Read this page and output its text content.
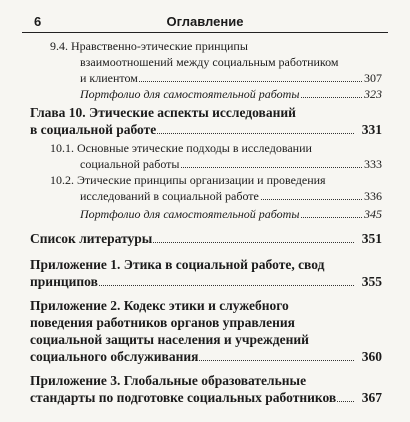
6	Оглавление
9.4. Нравственно-этические принципы
взаимоотношений между социальным работником
и клиентом	307
Портфолио для самостоятельной работы	323
Глава 10. Этические аспекты исследований
в социальной работе	331
10.1. Основные этические подходы в исследовании
социальной работы	333
10.2. Этические принципы организации и проведения
исследований в социальной работе	336
Портфолио для самостоятельной работы	345
Список литературы	351
Приложение 1. Этика в социальной работе, свод
принципов	355
Приложение 2. Кодекс этики и служебного
поведения работников органов управления
социальной защиты населения и учреждений
социального обслуживания	360
Приложение 3. Глобальные образовательные
стандарты по подготовке социальных работников 367
